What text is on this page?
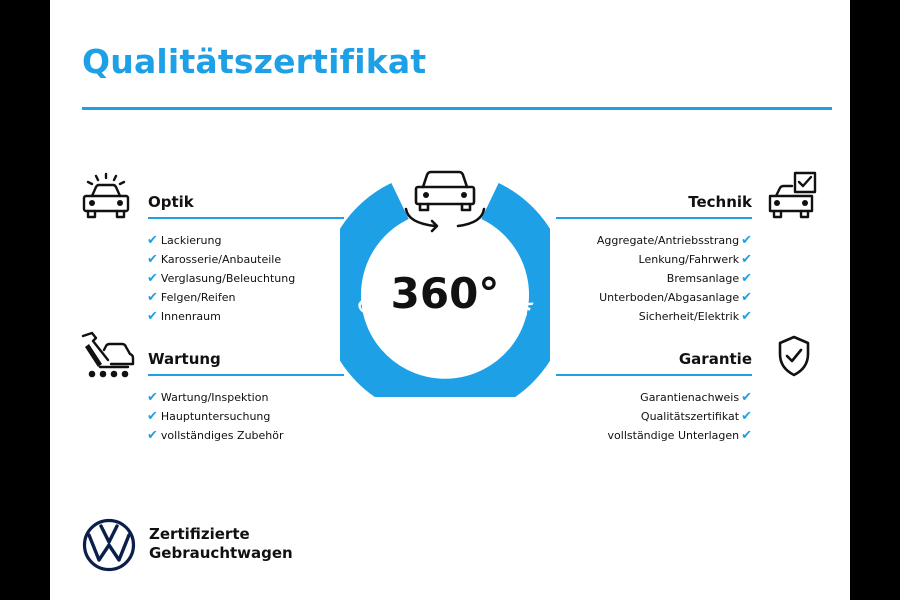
Qualitätszertifikat
Optik
✔ Lackierung
✔ Karosserie/Anbauteile
✔ Verglasung/Beleuchtung
✔ Felgen/Reifen
✔ Innenraum
Wartung
✔ Wartung/Inspektion
✔ Hauptuntersuchung
✔ vollständiges Zubehör
360°
Gebrauchtwagen-Check
Technik
Aggregate/Antriebsstrang ✔
Lenkung/Fahrwerk ✔
Bremsanlage ✔
Unterboden/Abgasanlage ✔
Sicherheit/Elektrik ✔
Garantie
Garantienachweis ✔
Qualitätszertifikat ✔
vollständige Unterlagen ✔
Zertifizierte
Gebrauchtwagen
